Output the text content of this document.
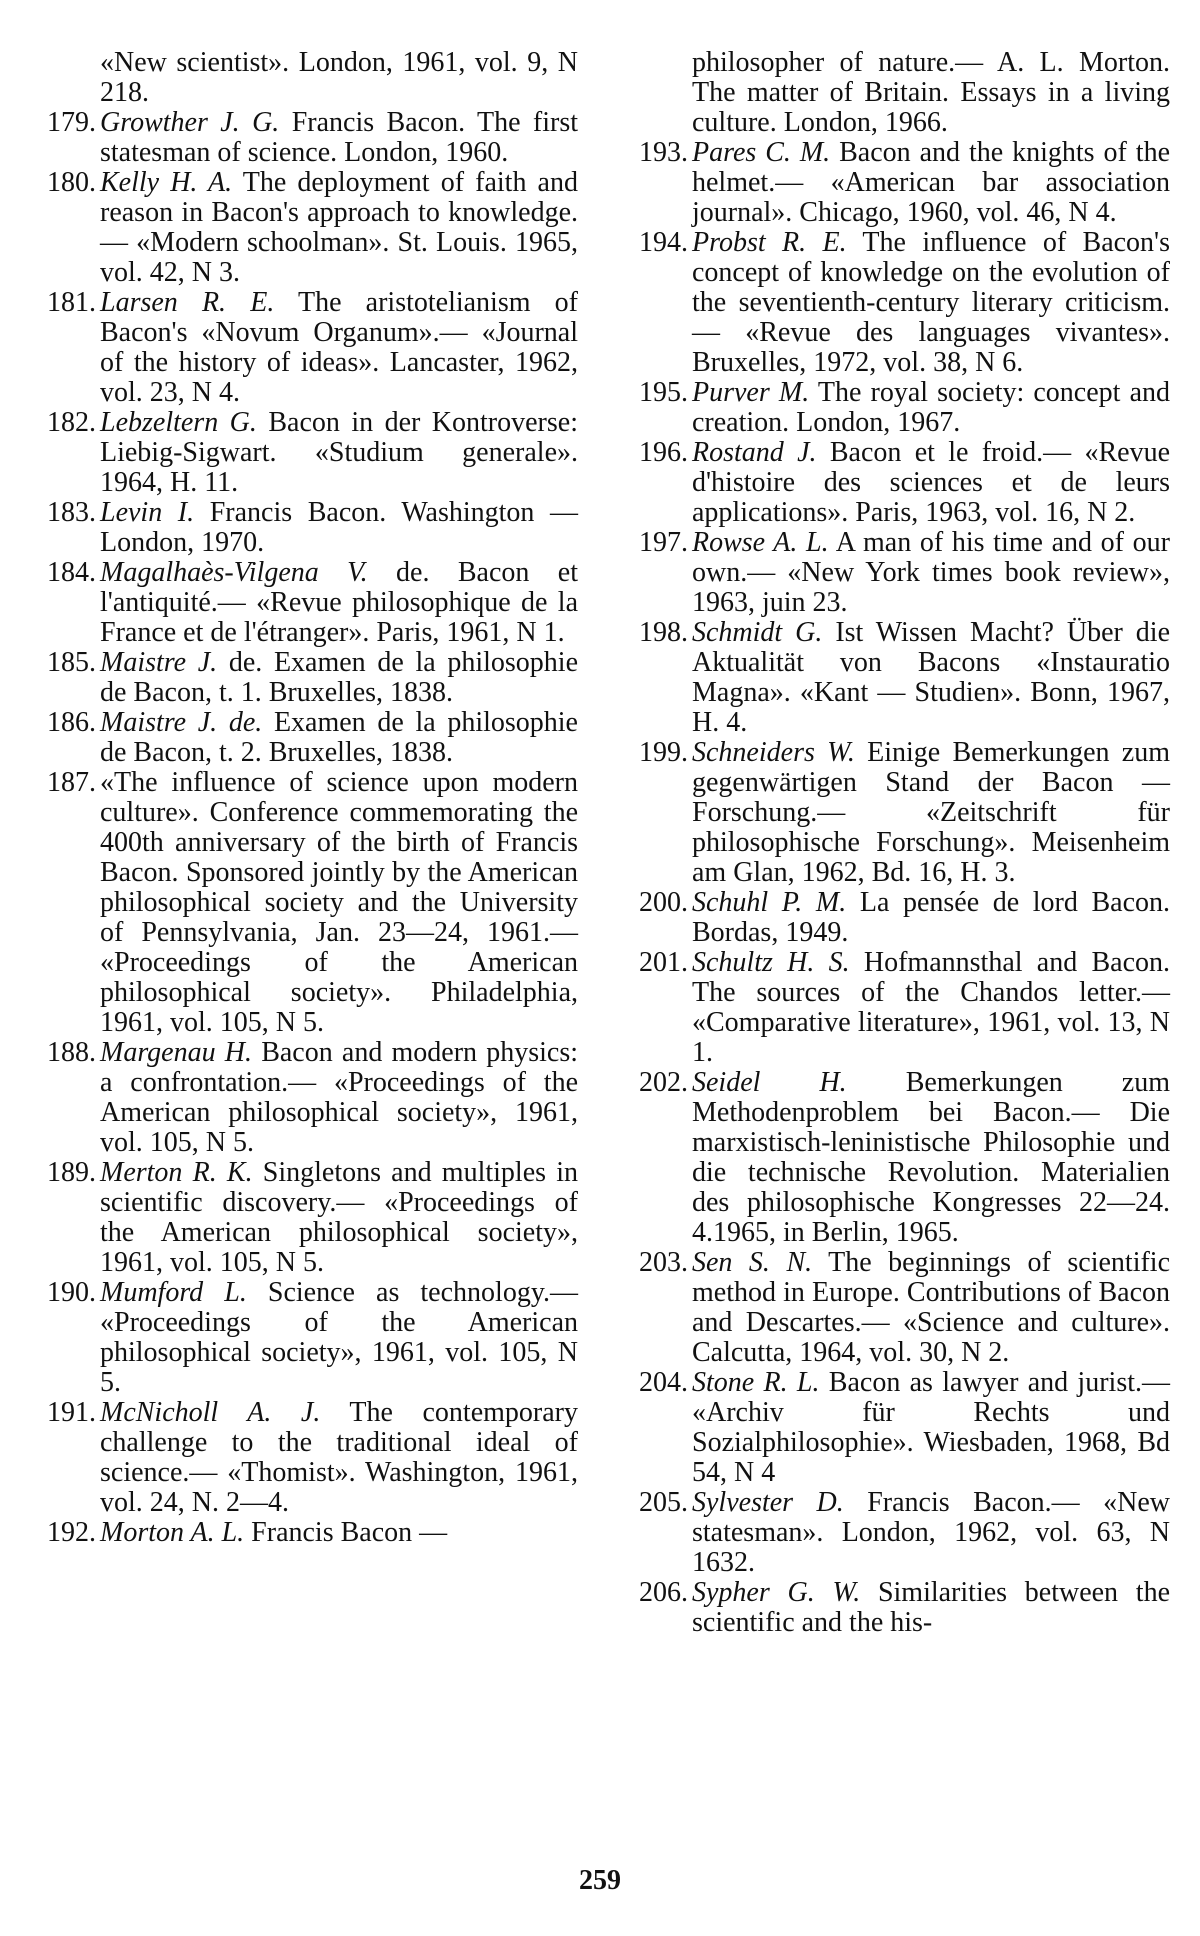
«New scientist». London, 1961, vol. 9, N 218.

179. Growther J. G. Francis Bacon. The first statesman of science. London, 1960.

180. Kelly H. A. The deployment of faith and reason in Bacon's approach to knowledge.— «Modern schoolman». St. Louis. 1965, vol. 42, N 3.

181. Larsen R. E. The aristotelianism of Bacon's «Novum Organum».— «Journal of the history of ideas». Lancaster, 1962, vol. 23, N 4.

182. Lebzeltern G. Bacon in der Kontroverse: Liebig-Sigwart. «Studium generale». 1964, H. 11.

183. Levin I. Francis Bacon. Washington — London, 1970.

184. Magalhaès-Vilgena V. de. Bacon et l'antiquité.— «Revue philosophique de la France et de l'étranger». Paris, 1961, N 1.

185. Maistre J. de. Examen de la philosophie de Bacon, t. 1. Bruxelles, 1838.

186. Maistre J. de. Examen de la philosophie de Bacon, t. 2. Bruxelles, 1838.

187. «The influence of science upon modern culture». Conference commemorating the 400th anniversary of the birth of Francis Bacon. Sponsored jointly by the American philosophical society and the University of Pennsylvania, Jan. 23—24, 1961.— «Proceedings of the American philosophical society». Philadelphia, 1961, vol. 105, N 5.

188. Margenau H. Bacon and modern physics: a confrontation.— «Proceedings of the American philosophical society», 1961, vol. 105, N 5.

189. Merton R. K. Singletons and multiples in scientific discovery.— «Proceedings of the American philosophical society», 1961, vol. 105, N 5.

190. Mumford L. Science as technology.— «Proceedings of the American philosophical society», 1961, vol. 105, N 5.

191. McNicholl A. J. The contemporary challenge to the traditional ideal of science.— «Thomist». Washington, 1961, vol. 24, N. 2—4.

192. Morton A. L. Francis Bacon —

philosopher of nature.— A. L. Morton. The matter of Britain. Essays in a living culture. London, 1966.

193. Pares C. M. Bacon and the knights of the helmet.— «American bar association journal». Chicago, 1960, vol. 46, N 4.

194. Probst R. E. The influence of Bacon's concept of knowledge on the evolution of the seventienth-century literary criticism.— «Revue des languages vivantes». Bruxelles, 1972, vol. 38, N 6.

195. Purver M. The royal society: concept and creation. London, 1967.

196. Rostand J. Bacon et le froid.— «Revue d'histoire des sciences et de leurs applications». Paris, 1963, vol. 16, N 2.

197. Rowse A. L. A man of his time and of our own.— «New York times book review», 1963, juin 23.

198. Schmidt G. Ist Wissen Macht? Über die Aktualität von Bacons «Instauratio Magna». «Kant — Studien». Bonn, 1967, H. 4.

199. Schneiders W. Einige Bemerkungen zum gegenwärtigen Stand der Bacon — Forschung.— «Zeitschrift für philosophische Forschung». Meisenheim am Glan, 1962, Bd. 16, H. 3.

200. Schuhl P. M. La pensée de lord Bacon. Bordas, 1949.

201. Schultz H. S. Hofmannsthal and Bacon. The sources of the Chandos letter.— «Comparative literature», 1961, vol. 13, N 1.

202. Seidel H. Bemerkungen zum Methodenproblem bei Bacon.— Die marxistisch-leninistische Philosophie und die technische Revolution. Materialien des philosophische Kongresses 22—24. 4.1965, in Berlin, 1965.

203. Sen S. N. The beginnings of scientific method in Europe. Contributions of Bacon and Descartes.— «Science and culture». Calcutta, 1964, vol. 30, N 2.

204. Stone R. L. Bacon as lawyer and jurist.— «Archiv für Rechts und Sozialphilosophie». Wiesbaden, 1968, Bd 54, N 4

205. Sylvester D. Francis Bacon.— «New statesman». London, 1962, vol. 63, N 1632.

206. Sypher G. W. Similarities between the scientific and the his-

259
